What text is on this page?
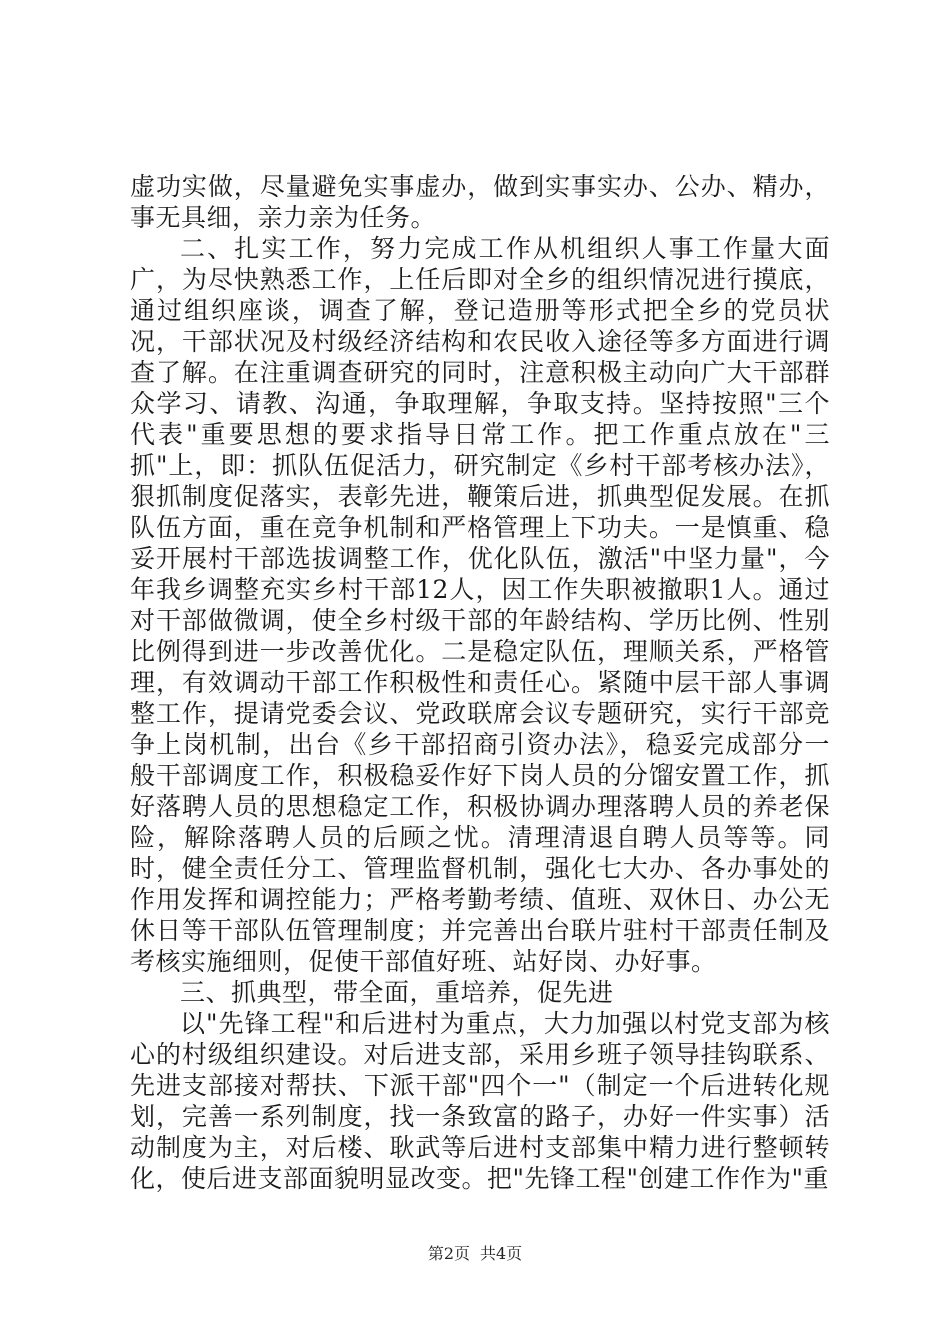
虚功实做，尽量避免实事虚办，做到实事实办、公办、精办，事无具细，亲力亲为任务。

二、扎实工作，努力完成工作从机组织人事工作量大面广，为尽快熟悉工作，上任后即对全乡的组织情况进行摸底，通过组织座谈，调查了解，登记造册等形式把全乡的党员状况，干部状况及村级经济结构和农民收入途径等多方面进行调查了解。在注重调查研究的同时，注意积极主动向广大干部群众学习、请教、沟通，争取理解，争取支持。坚持按照"三个代表"重要思想的要求指导日常工作。把工作重点放在"三抓"上，即：抓队伍促活力，研究制定《乡村干部考核办法》，狠抓制度促落实，表彰先进，鞭策后进，抓典型促发展。在抓队伍方面，重在竞争机制和严格管理上下功夫。一是慎重、稳妥开展村干部选拔调整工作，优化队伍，激活"中坚力量"，今年我乡调整充实乡村干部12人，因工作失职被撤职1人。通过对干部做微调，使全乡村级干部的年龄结构、学历比例、性别比例得到进一步改善优化。二是稳定队伍，理顺关系，严格管理，有效调动干部工作积极性和责任心。紧随中层干部人事调整工作，提请党委会议、党政联席会议专题研究，实行干部竞争上岗机制，出台《乡干部招商引资办法》，稳妥完成部分一般干部调度工作，积极稳妥作好下岗人员的分馏安置工作，抓好落聘人员的思想稳定工作，积极协调办理落聘人员的养老保险，解除落聘人员的后顾之忧。清理清退自聘人员等等。同时，健全责任分工、管理监督机制，强化七大办、各办事处的作用发挥和调控能力；严格考勤考绩、值班、双休日、办公无休日等干部队伍管理制度；并完善出台联片驻村干部责任制及考核实施细则，促使干部值好班、站好岗、办好事。

三、抓典型，带全面，重培养，促先进

以"先锋工程"和后进村为重点，大力加强以村党支部为核心的村级组织建设。对后进支部，采用乡班子领导挂钩联系、先进支部接对帮扶、下派干部"四个一"（制定一个后进转化规划，完善一系列制度，找一条致富的路子，办好一件实事）活动制度为主，对后楼、耿武等后进村支部集中精力进行整顿转化，使后进支部面貌明显改变。把"先锋工程"创建工作作为"重

第2页 共4页
